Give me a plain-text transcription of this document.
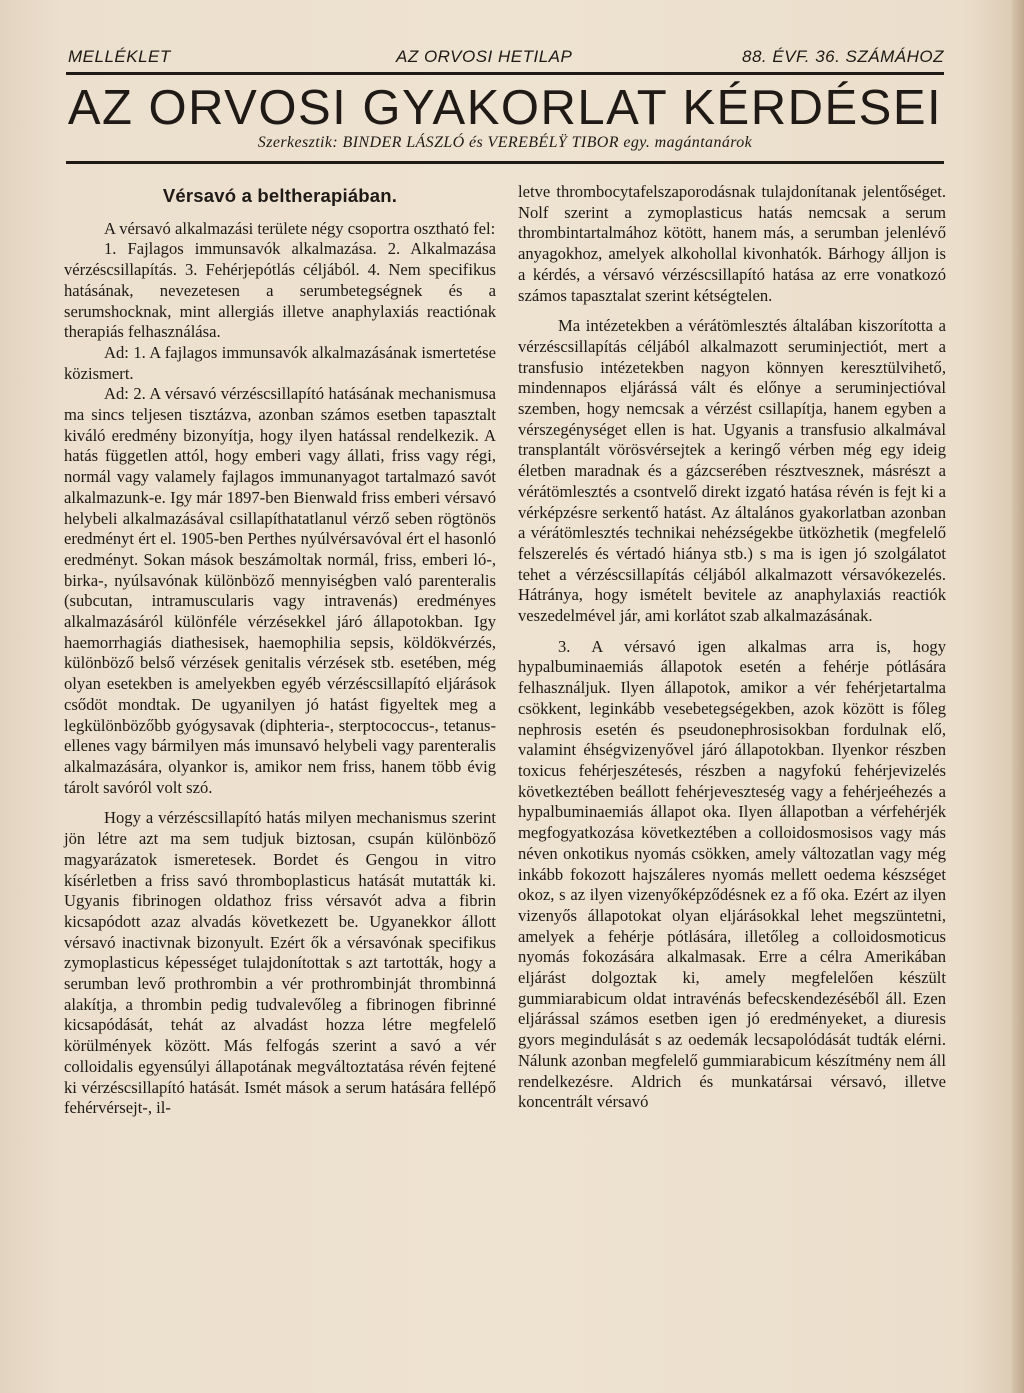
MELLÉKLET	AZ ORVOSI HETILAP	88. ÉVF. 36. SZÁMÁHOZ
AZ ORVOSI GYAKORLAT KÉRDÉSEI
Szerkesztik: BINDER LÁSZLÓ és VEREBÉLŸ TIBOR egy. magántanárok
Vérsavó a beltherapiában.

A vérsavó alkalmazási területe négy csoportra osztható fel:

1. Fajlagos immunsavók alkalmazása. 2. Alkalmazása vérzéscsillapítás. 3. Fehérjepótlás céljából. 4. Nem specifikus hatásának, nevezetesen a serumbetegségnek és a serumshocknak, mint allergiás illetve anaphylaxiás reactiónak therapiás felhasználása.

Ad: 1. A fajlagos immunsavók alkalmazásának ismertetése közismert.

Ad: 2. A vérsavó vérzéscsillapító hatásának mechanismusa ma sincs teljesen tisztázva, azonban számos esetben tapasztalt kiváló eredmény bizonyítja, hogy ilyen hatással rendelkezik. A hatás független attól, hogy emberi vagy állati, friss vagy régi, normál vagy valamely fajlagos immunanyagot tartalmazó savót alkalmazunk-e. Igy már 1897-ben Bienwald friss emberi vérsavó helybeli alkalmazásával csillapíthatatlanul vérző seben rögtönös eredményt ért el. 1905-ben Perthes nyúlvérsavóval ért el hasonló eredményt. Sokan mások beszámoltak normál, friss, emberi ló-, birka-, nyúlsavónak különböző mennyiségben való parenteralis (subcutan, intramuscularis vagy intravenás) eredményes alkalmazásáról különféle vérzésekkel járó állapotokban. Igy haemorrhagiás diathesisek, haemophilia sepsis, köldökvérzés, különböző belső vérzések genitalis vérzések stb. esetében, még olyan esetekben is amelyekben egyéb vérzéscsillapító eljárások csődöt mondtak. De ugyanilyen jó hatást figyeltek meg a legkülönbözőbb gyógysavak (diphteria-, sterptococcus-, tetanus-ellenes vagy bármilyen más imunsavó helybeli vagy parenteralis alkalmazására, olyankor is, amikor nem friss, hanem több évig tárolt savóról volt szó.

Hogy a vérzéscsillapító hatás milyen mechanismus szerint jön létre azt ma sem tudjuk biztosan, csupán különböző magyarázatok ismeretesek. Bordet és Gengou in vitro kísérletben a friss savó thromboplasticus hatását mutatták ki. Ugyanis fibrinogen oldathoz friss vérsavót adva a fibrin kicsapódott azaz alvadás következett be. Ugyanekkor állott vérsavó inactivnak bizonyult. Ezért ők a vérsavónak specifikus zymoplasticus képességet tulajdonítottak s azt tartották, hogy a serumban levő prothrombin a vér prothrombinját thrombinná alakítja, a thrombin pedig tudvalevőleg a fibrinogen fibrinné kicsapódását, tehát az alvadást hozza létre megfelelő körülmények között. Más felfogás szerint a savó a vér colloidalis egyensúlyi állapotának megváltoztatása révén fejtené ki vérzéscsillapító hatását. Ismét mások a serum hatására fellépő fehérvérsejt-, il-

letve thrombocytafelszaporodásnak tulajdonítanak jelentőséget. Nolf szerint a zymoplasticus hatás nemcsak a serum thrombintartalmához kötött, hanem más, a serumban jelenlévő anyagokhoz, amelyek alkohollal kivonhatók. Bárhogy álljon is a kérdés, a vérsavó vérzéscsillapító hatása az erre vonatkozó számos tapasztalat szerint kétségtelen.

Ma intézetekben a vérátömlesztés általában kiszorította a vérzéscsillapítás céljából alkalmazott seruminjectiót, mert a transfusio intézetekben nagyon könnyen keresztülvihető, mindennapos eljárássá vált és előnye a seruminjectióval szemben, hogy nemcsak a vérzést csillapítja, hanem egyben a vérszegénységet ellen is hat. Ugyanis a transfusio alkalmával transplantált vörösvérsejtek a keringő vérben még egy ideig életben maradnak és a gázcserében résztvesznek, másrészt a vérátömlesztés a csontvelő direkt izgató hatása révén is fejt ki a vérképzésre serkentő hatást. Az általános gyakorlatban azonban a vérátömlesztés technikai nehézségekbe ütközhetik (megfelelő felszerelés és vértadó hiánya stb.) s ma is igen jó szolgálatot tehet a vérzéscsillapítás céljából alkalmazott vérsavókezelés. Hátránya, hogy ismételt bevitele az anaphylaxiás reactiók veszedelmével jár, ami korlátot szab alkalmazásának.

3. A vérsavó igen alkalmas arra is, hogy hypalbuminaemiás állapotok esetén a fehérje pótlására felhasználjuk. Ilyen állapotok, amikor a vér fehérjetartalma csökkent, leginkább vesebetegségekben, azok között is főleg nephrosis esetén és pseudonephrosisokban fordulnak elő, valamint éhségvizenyővel járó állapotokban. Ilyenkor részben toxicus fehérjeszétesés, részben a nagyfokú fehérjevizelés következtében beállott fehérjeveszteség vagy a fehérjeéhezés a hypalbuminaemiás állapot oka. Ilyen állapotban a vérfehérjék megfogyatkozása következtében a colloidosmosisos vagy más néven onkotikus nyomás csökken, amely változatlan vagy még inkább fokozott hajszáleres nyomás mellett oedema készséget okoz, s az ilyen vizenyőképződésnek ez a fő oka. Ezért az ilyen vizenyős állapotokat olyan eljárásokkal lehet megszüntetni, amelyek a fehérje pótlására, illetőleg a colloidosmoticus nyomás fokozására alkalmasak. Erre a célra Amerikában eljárást dolgoztak ki, amely megfelelően készült gummiarabicum oldat intravénás befecskendezéséből áll. Ezen eljárással számos esetben igen jó eredményeket, a diuresis gyors megindulását s az oedemák lecsapolódását tudták elérni. Nálunk azonban megfelelő gummiarabicum készítmény nem áll rendelkezésre. Aldrich és munkatársai vérsavó, illetve koncentrált vérsavó
